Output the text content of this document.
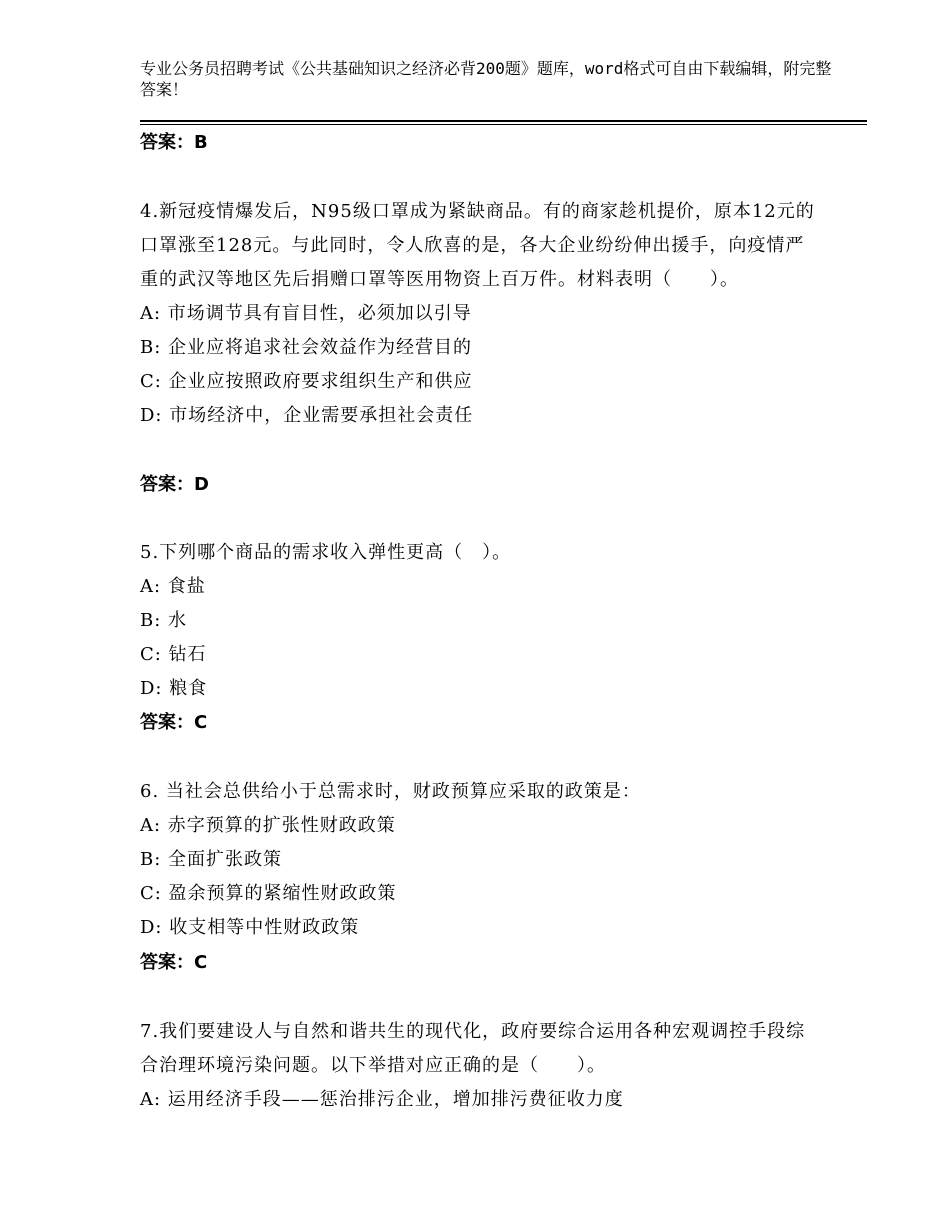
专业公务员招聘考试《公共基础知识之经济必背200题》题库，word格式可自由下载编辑，附完整答案！
答案：B
4.新冠疫情爆发后，N95级口罩成为紧缺商品。有的商家趁机提价，原本12元的口罩涨至128元。与此同时，令人欣喜的是，各大企业纷纷伸出援手，向疫情严重的武汉等地区先后捐赠口罩等医用物资上百万件。材料表明（　　）。
A: 市场调节具有盲目性，必须加以引导
B: 企业应将追求社会效益作为经营目的
C: 企业应按照政府要求组织生产和供应
D: 市场经济中，企业需要承担社会责任
答案：D
5.下列哪个商品的需求收入弹性更高（　）。
A: 食盐
B: 水
C: 钻石
D: 粮食
答案：C
6. 当社会总供给小于总需求时，财政预算应采取的政策是：
A: 赤字预算的扩张性财政政策
B: 全面扩张政策
C: 盈余预算的紧缩性财政政策
D: 收支相等中性财政政策
答案：C
7.我们要建设人与自然和谐共生的现代化，政府要综合运用各种宏观调控手段综合治理环境污染问题。以下举措对应正确的是（　　）。
A: 运用经济手段——惩治排污企业，增加排污费征收力度
